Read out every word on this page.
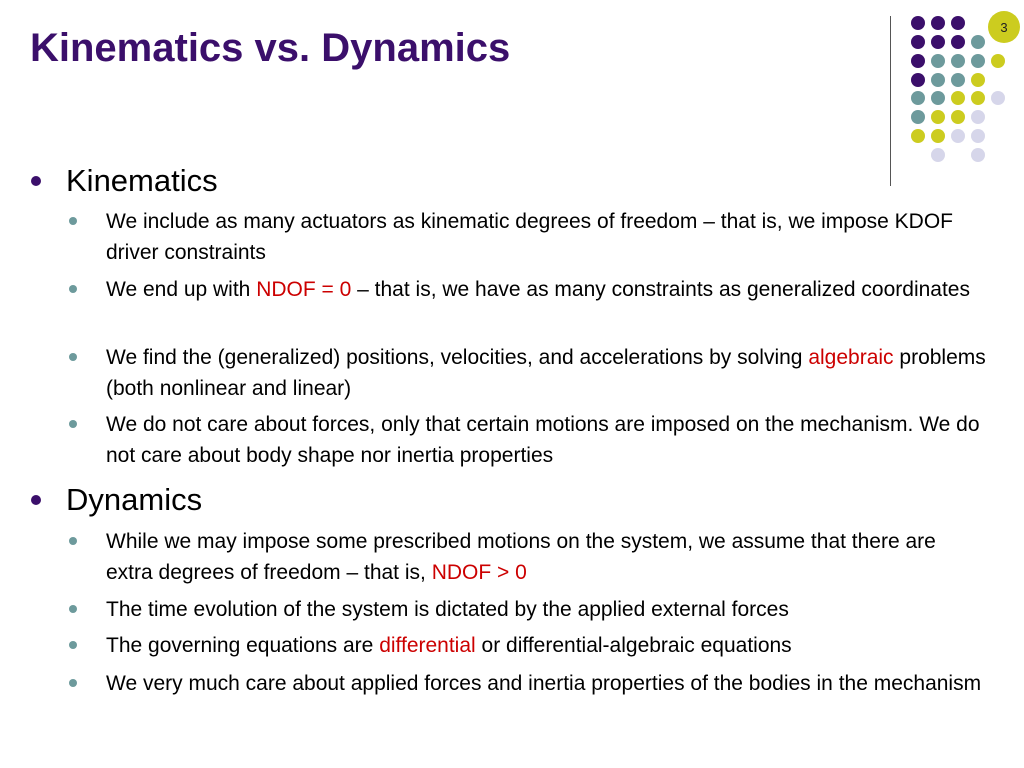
Kinematics vs. Dynamics	3
Kinematics
We include as many actuators as kinematic degrees of freedom – that is, we impose KDOF driver constraints
We end up with NDOF = 0 – that is, we have as many constraints as generalized coordinates
We find the (generalized) positions, velocities, and accelerations by solving algebraic problems (both nonlinear and linear)
We do not care about forces, only that certain motions are imposed on the mechanism. We do not care about body shape nor inertia properties
Dynamics
While we may impose some prescribed motions on the system, we assume that there are extra degrees of freedom – that is, NDOF > 0
The time evolution of the system is dictated by the applied external forces
The governing equations are differential or differential-algebraic equations
We very much care about applied forces and inertia properties of the bodies in the mechanism
